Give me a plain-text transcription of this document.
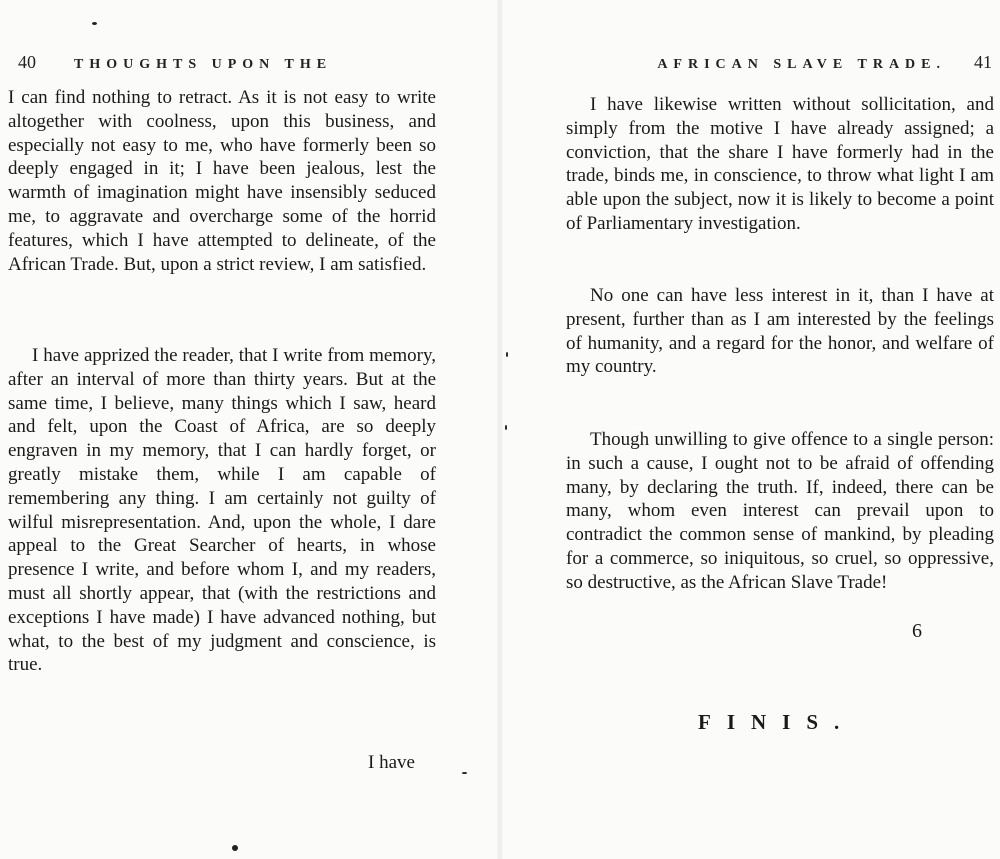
40	THOUGHTS UPON THE

I can find nothing to retract. As it is not easy to write altogether with coolness, upon this business, and especially not easy to me, who have formerly been so deeply engaged in it; I have been jealous, lest the warmth of imagination might have insensibly seduced me, to aggravate and overcharge some of the horrid features, which I have attempted to delineate, of the African Trade. But, upon a strict review, I am satisfied.

I have apprized the reader, that I write from memory, after an interval of more than thirty years. But at the same time, I believe, many things which I saw, heard and felt, upon the Coast of Africa, are so deeply engraven in my memory, that I can hardly forget, or greatly mistake them, while I am capable of remembering any thing. I am certainly not guilty of wilful misrepresentation. And, upon the whole, I dare appeal to the Great Searcher of hearts, in whose presence I write, and before whom I, and my readers, must all shortly appear, that (with the restrictions and exceptions I have made) I have advanced nothing, but what, to the best of my judgment and conscience, is true.

I have
AFRICAN SLAVE TRADE. 41

I have likewise written without sollicitation, and simply from the motive I have already assigned; a conviction, that the share I have formerly had in the trade, binds me, in conscience, to throw what light I am able upon the subject, now it is likely to become a point of Parliamentary investigation.

No one can have less interest in it, than I have at present, further than as I am interested by the feelings of humanity, and a regard for the honor, and welfare of my country.

Though unwilling to give offence to a single person: in such a cause, I ought not to be afraid of offending many, by declaring the truth. If, indeed, there can be many, whom even interest can prevail upon to contradict the common sense of mankind, by pleading for a commerce, so iniquitous, so cruel, so oppressive, so destructive, as the African Slave Trade!

6
FINIS.
